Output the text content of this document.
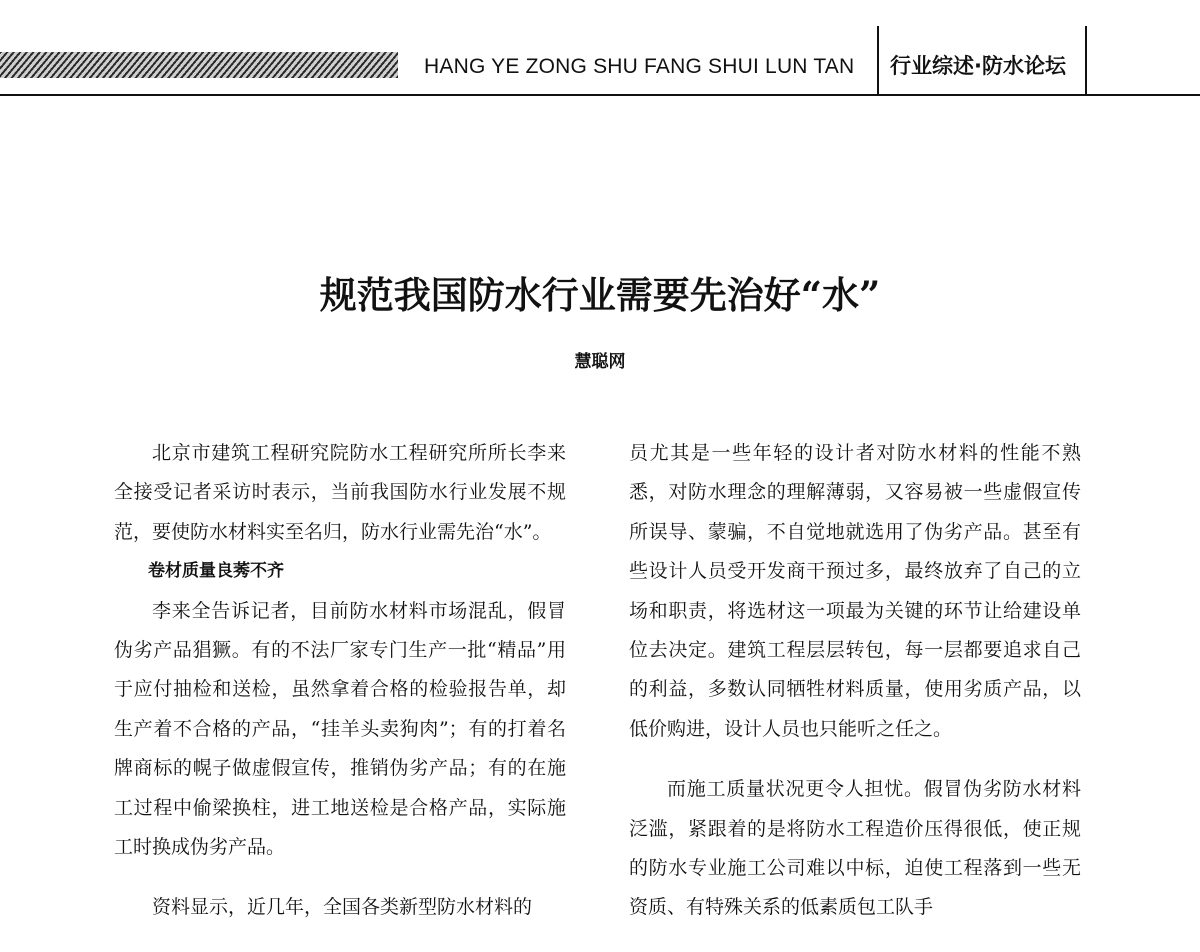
HANG YE ZONG SHU FANG SHUI LUN TAN 行业综述·防水论坛
规范我国防水行业需要先治好“水”
慧聪网

北京市建筑工程研究院防水工程研究所所长李来全接受记者采访时表示，当前我国防水行业发展不规范，要使防水材料实至名归，防水行业需先治“水”。

卷材质量良莠不齐

李来全告诉记者，目前防水材料市场混乱，假冒伪劣产品猖獗。有的不法厂家专门生产一批“精品”用于应付抽检和送检，虽然拿着合格的检验报告单，却生产着不合格的产品，“挂羊头卖狗肉”；有的打着名牌商标的幌子做虚假宣传，推销伪劣产品；有的在施工过程中偷梁换柱，进工地送检是合格产品，实际施工时换成伪劣产品。

资料显示，近几年，全国各类新型防水材料的

员尤其是一些年轻的设计者对防水材料的性能不熟悉，对防水理念的理解薄弱，又容易被一些虚假宣传所误导、蒙骗，不自觉地就选用了伪劣产品。甚至有些设计人员受开发商干预过多，最终放弃了自己的立场和职责，将选材这一项最为关键的环节让给建设单位去决定。建筑工程层层转包，每一层都要追求自己的利益，多数认同牺牲材料质量，使用劣质产品，以低价购进，设计人员也只能听之任之。

而施工质量状况更令人担忧。假冒伪劣防水材料泛滥，紧跟着的是将防水工程造价压得很低，使正规的防水专业施工公司难以中标，迫使工程落到一些无资质、有特殊关系的低素质包工队手
